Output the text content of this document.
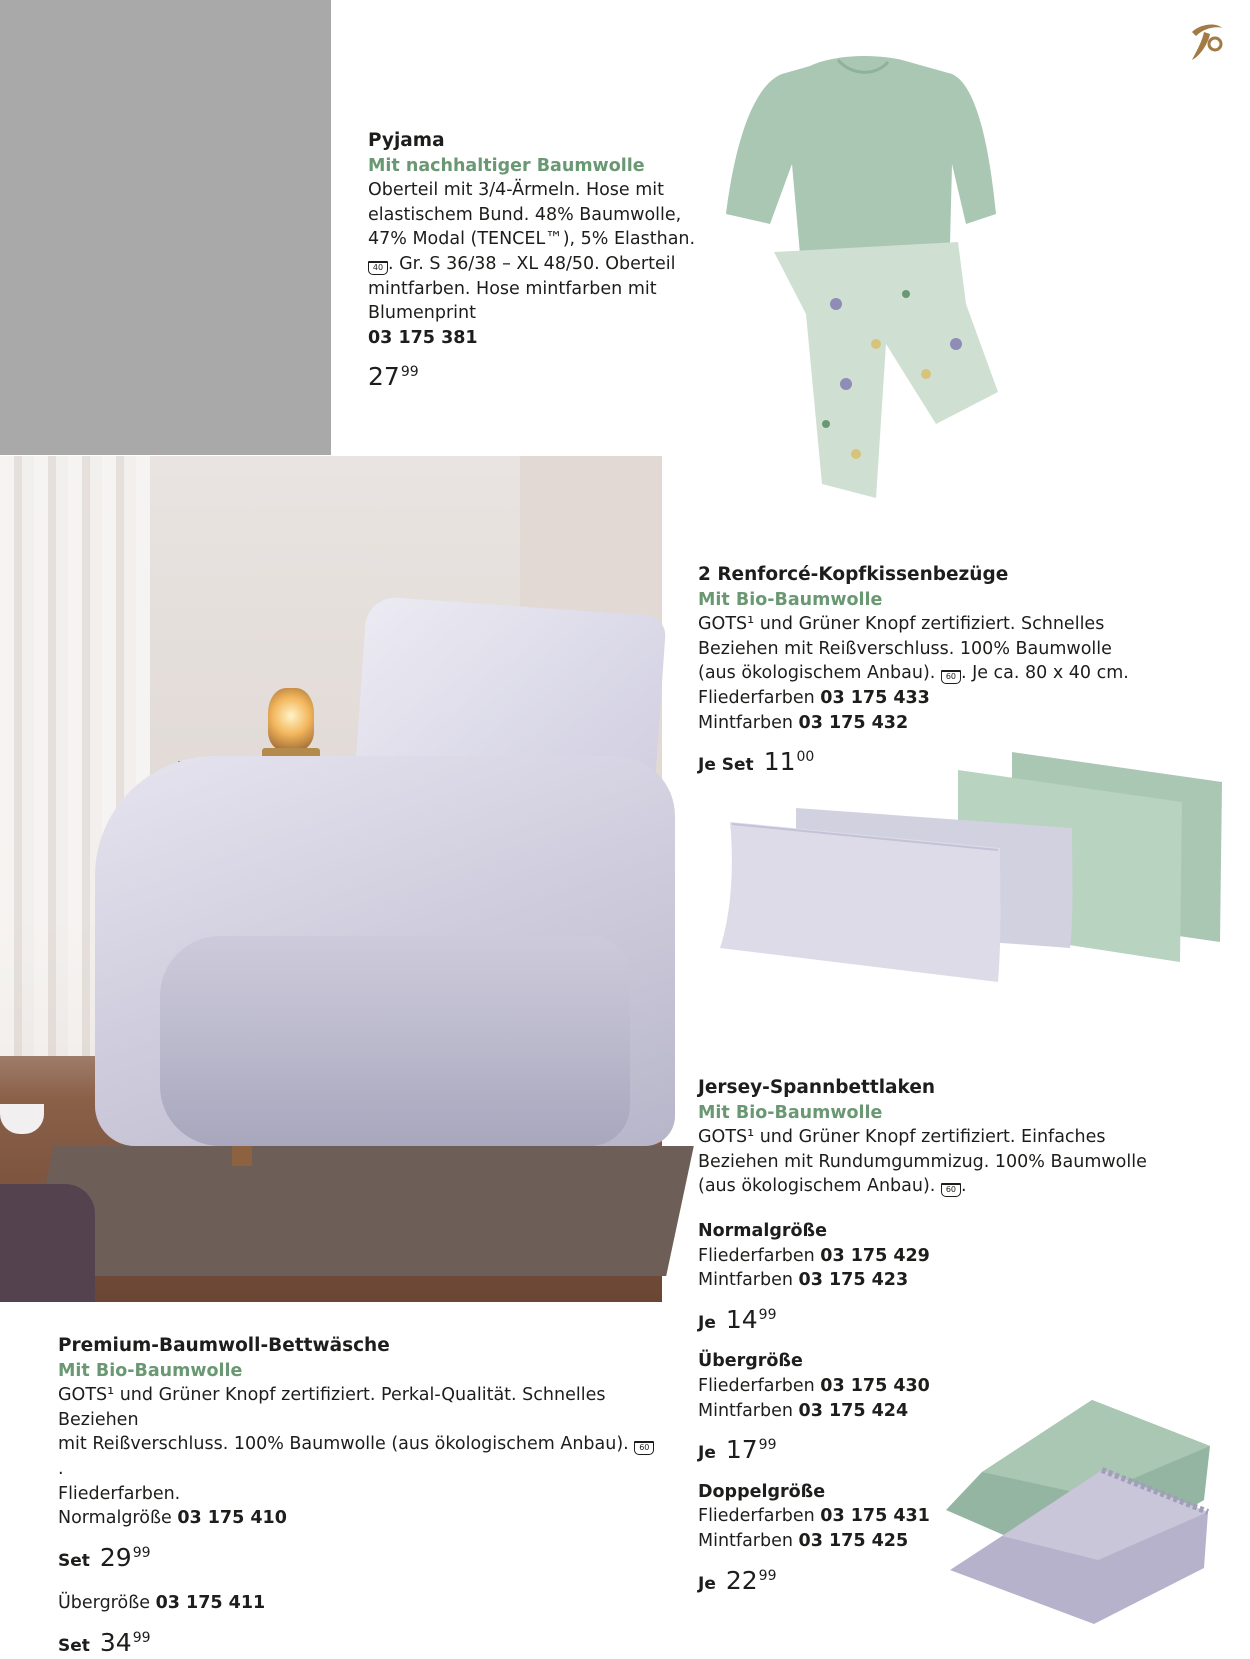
Pyjama
Mit nachhaltiger Baumwolle
Oberteil mit 3/4-Ärmeln. Hose mit
elastischem Bund. 48% Baumwolle,
47% Modal (TENCEL™), 5% Elasthan.
40 . Gr. S 36/38 – XL 48/50. Oberteil
mintfarben. Hose mintfarben mit
Blumenprint
03 175 381
$27^{99}$
2 Renforcé-Kopfkissenbezüge
Mit Bio-Baumwolle
GOTS¹ und Grüner Knopf zertifiziert. Schnelles
Beziehen mit Reißverschluss. 100% Baumwolle
(aus ökologischem Anbau). 60 . Je ca. 80 x 40 cm.
Fliederfarben 03 175 433
Mintfarben 03 175 432
Je Set $11^{00}$
Jersey-Spannbettlaken
Mit Bio-Baumwolle
GOTS¹ und Grüner Knopf zertifiziert. Einfaches
Beziehen mit Rundumgummizug. 100% Baumwolle
(aus ökologischem Anbau). 60 .
Normalgröße
Fliederfarben 03 175 429
Mintfarben 03 175 423
Je $14^{99}$
Übergröße
Fliederfarben 03 175 430
Mintfarben 03 175 424
Je $17^{99}$
Doppelgröße
Fliederfarben 03 175 431
Mintfarben 03 175 425
Je $22^{99}$
Premium-Baumwoll-Bettwäsche
Mit Bio-Baumwolle
GOTS¹ und Grüner Knopf zertifiziert. Perkal-Qualität. Schnelles Beziehen
mit Reißverschluss. 100% Baumwolle (aus ökologischem Anbau). 60.
Fliederfarben.
Normalgröße 03 175 410
Set $29^{99}$
Übergröße 03 175 411
Set $34^{99}$
